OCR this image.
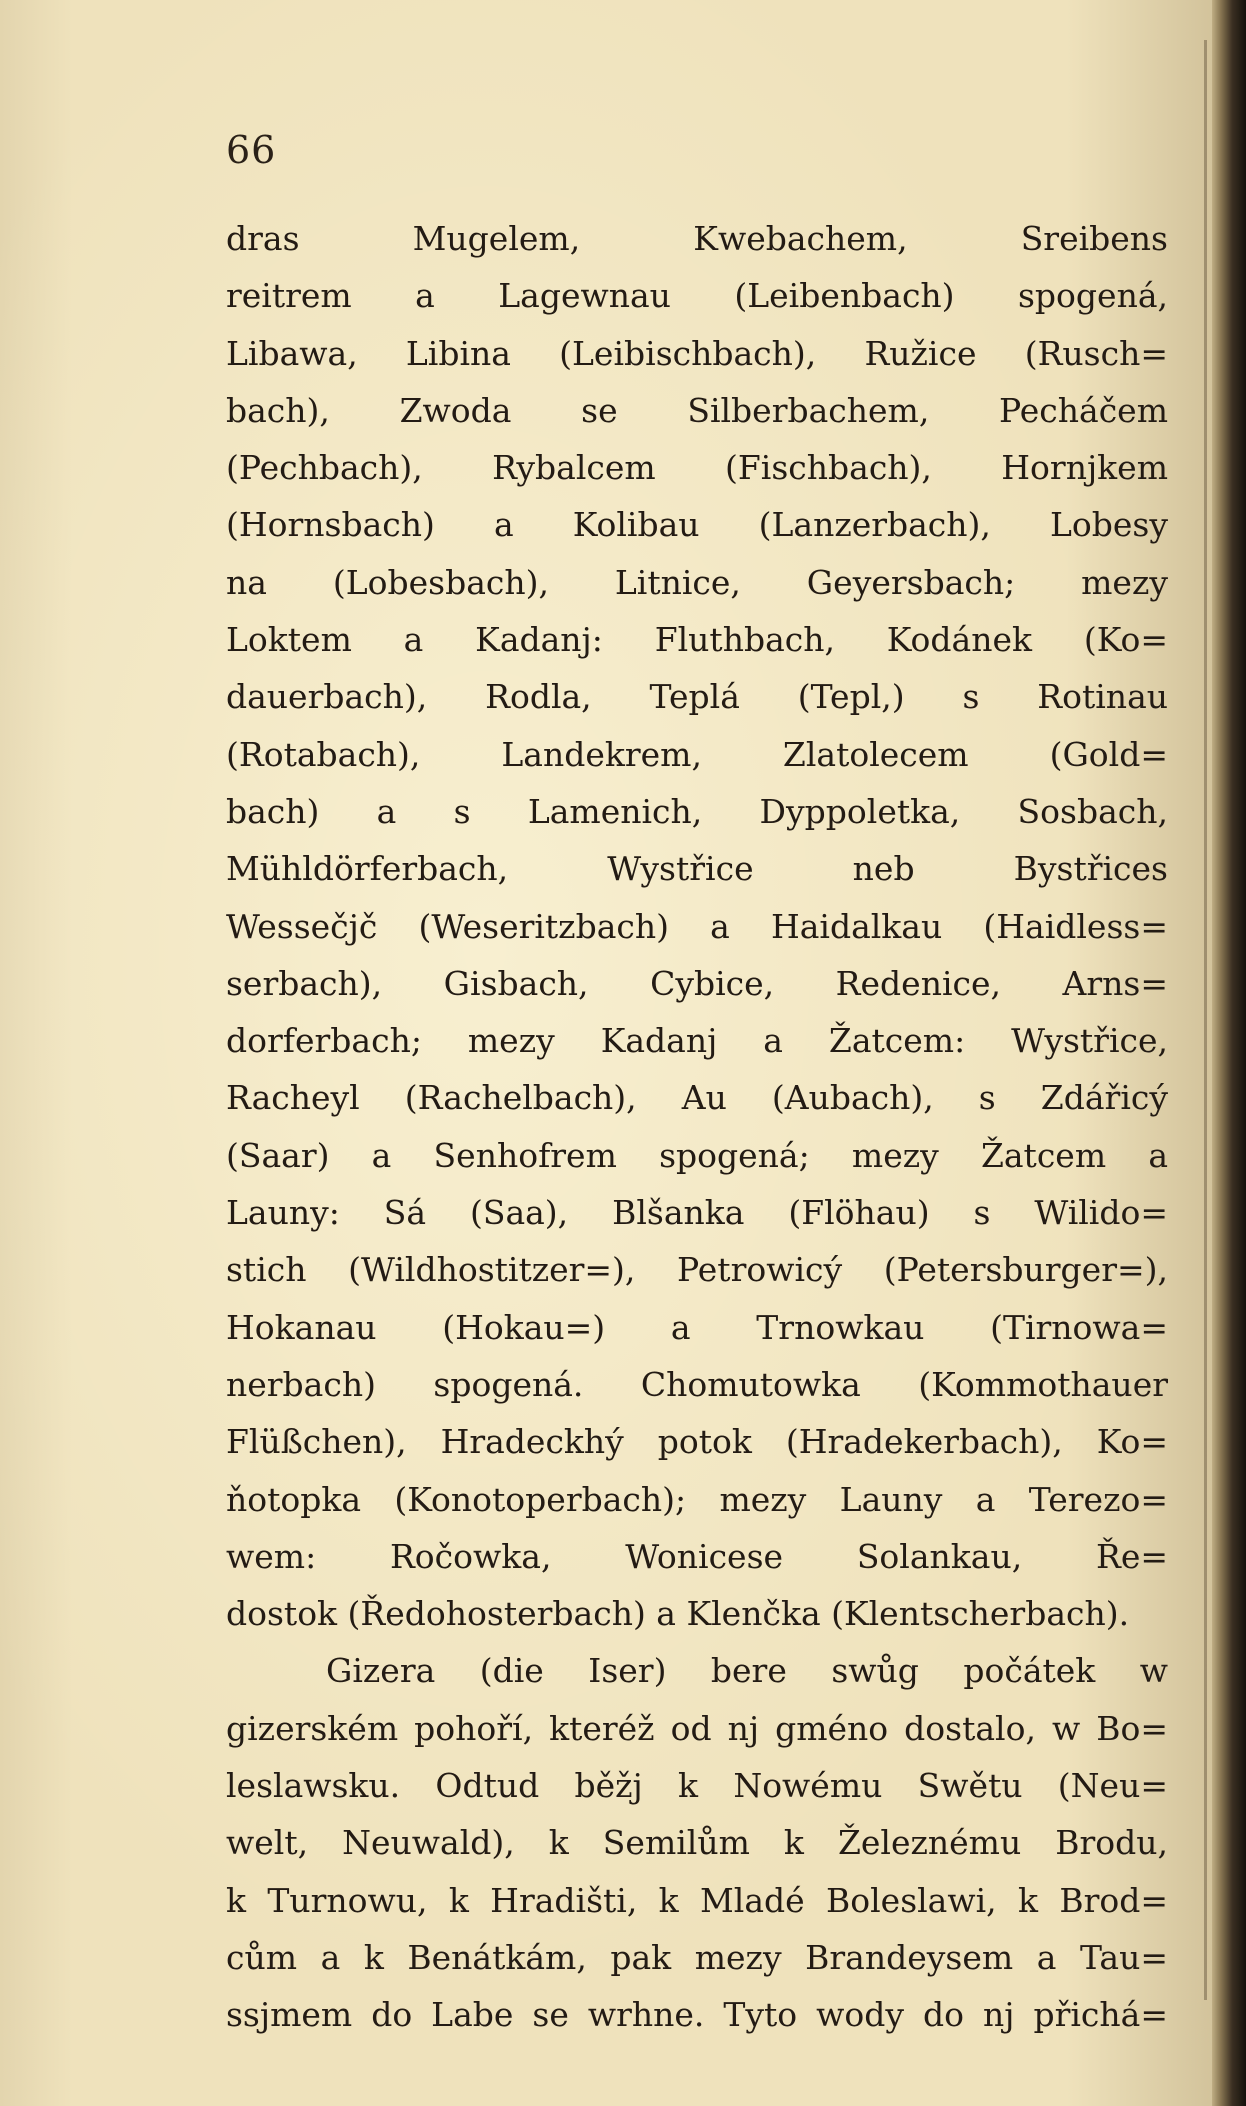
66
dras Mugelem, Kwebachem, Sreibens
reitrem a Lagewnau (Leibenbach) spogená,
Libawa, Libina (Leibischbach), Ružice (Rusch=
bach), Zwoda se Silberbachem, Pecháčem
(Pechbach), Rybalcem (Fischbach), Hornjkem
(Hornsbach) a Kolibau (Lanzerbach), Lobesy
na (Lobesbach), Litnice, Geyersbach; mezy
Loktem a Kadanj: Fluthbach, Kodánek (Ko=
dauerbach), Rodla, Teplá (Tepl,) s Rotinau
(Rotabach), Landekrem, Zlatolecem (Gold=
bach) a s Lamenich, Dyppoletka, Sosbach,
Mühldörferbach, Wystřice neb Bystřices
Wessečjč (Weseritzbach) a Haidalkau (Haidless=
serbach), Gisbach, Cybice, Redenice, Arns=
dorferbach; mezy Kadanj a Žatcem: Wystřice,
Racheyl (Rachelbach), Au (Aubach), s Zdářicý
(Saar) a Senhofrem spogená; mezy Žatcem a
Launy: Sá (Saa), Blšanka (Flöhau) s Wilido=
stich (Wildhostitzer=), Petrowicý (Petersburger=),
Hokanau (Hokau=) a Trnowkau (Tirnowa=
nerbach) spogená. Chomutowka (Kommothauer
Flüßchen), Hradeckhý potok (Hradekerbach), Ko=
ňotopka (Konotoperbach); mezy Launy a Terezo=
wem: Ročowka, Wonicese Solankau, Ře=
dostok (Ředohosterbach) a Klenčka (Klentscherbach).
Gizera (die Iser) bere swůg počátek w
gizerském pohoří, kteréž od nj gméno dostalo, w Bo=
leslawsku. Odtud běžj k Nowému Swětu (Neu=
welt, Neuwald), k Semilům k Železnému Brodu,
k Turnowu, k Hradišti, k Mladé Boleslawi, k Brod=
cům a k Benátkám, pak mezy Brandeysem a Tau=
ssjmem do Labe se wrhne. Tyto wody do nj přichá=
